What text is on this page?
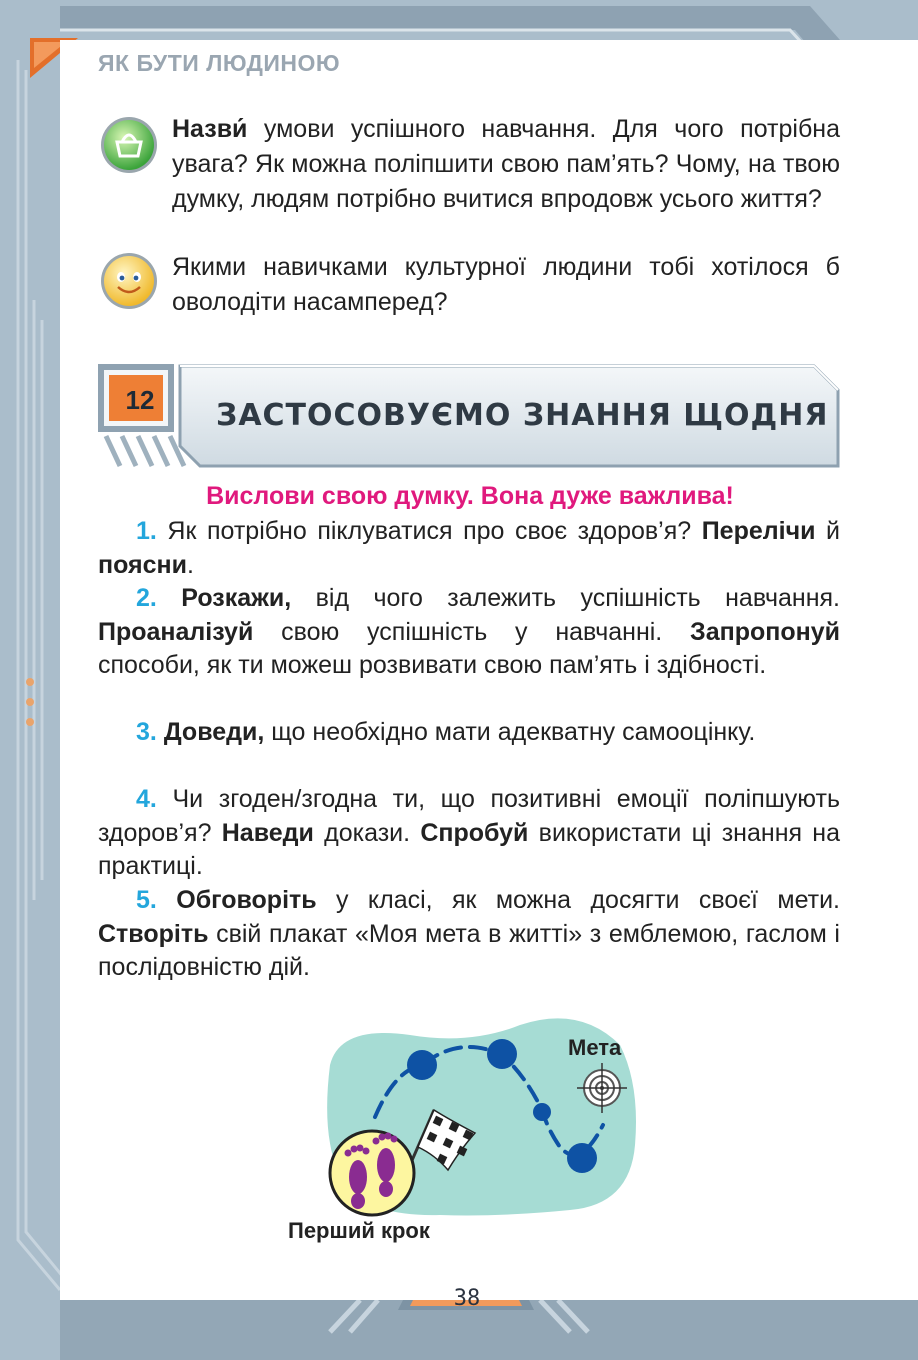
ЯК БУТИ ЛЮДИНОЮ
Назви́ умови успішного навчання. Для чого потрібна увага? Як можна поліпшити свою пам’ять? Чому, на твою думку, людям потрібно вчитися впродовж усього життя?
Якими навичками культурної людини тобі хотілося б оволодіти насамперед?
12	ЗАСТОСОВУЄМО ЗНАННЯ ЩОДНЯ
Вислови свою думку. Вона дуже важлива!
1. Як потрібно піклуватися про своє здоров’я? Перелічи й поясни.
2. Розкажи, від чого залежить успішність навчання. Проаналізуй свою успішність у навчанні. Запропонуй способи, як ти можеш розвивати свою пам’ять і здібності.
3. Доведи, що необхідно мати адекватну самооцінку.
4. Чи згоден/згодна ти, що позитивні емоції поліпшують здоров’я? Наведи докази. Спробуй використати ці знання на практиці.
5. Обговоріть у класі, як можна досягти своєї мети. Створіть свій плакат «Моя мета в житті» з емблемою, гаслом і послідовністю дій.
Мета
Перший крок
38
